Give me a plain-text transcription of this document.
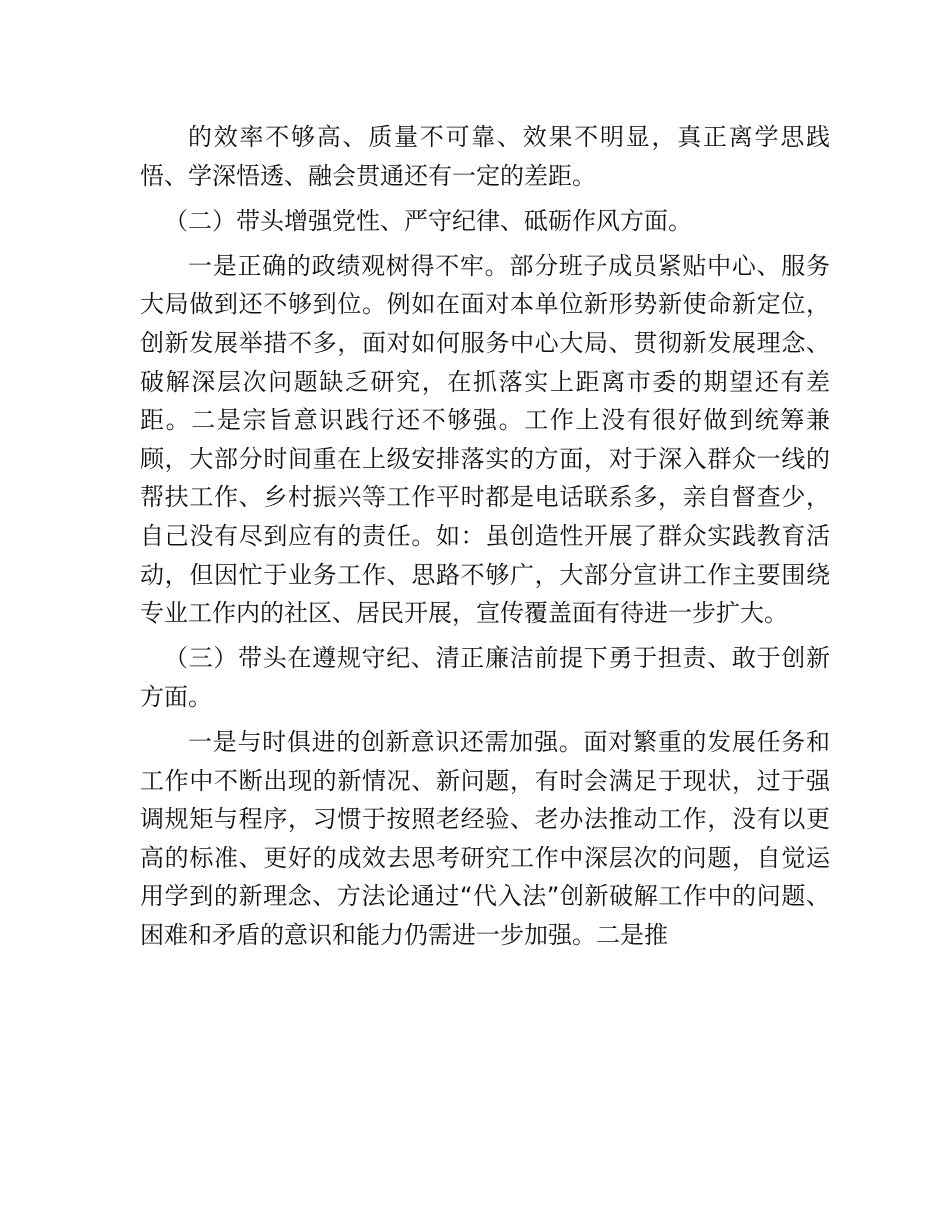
的效率不够高、质量不可靠、效果不明显，真正离学思践悟、学深悟透、融会贯通还有一定的差距。

（二）带头增强党性、严守纪律、砥砺作风方面。

一是正确的政绩观树得不牢。部分班子成员紧贴中心、服务大局做到还不够到位。例如在面对本单位新形势新使命新定位，创新发展举措不多，面对如何服务中心大局、贯彻新发展理念、破解深层次问题缺乏研究，在抓落实上距离市委的期望还有差距。二是宗旨意识践行还不够强。工作上没有很好做到统筹兼顾，大部分时间重在上级安排落实的方面，对于深入群众一线的帮扶工作、乡村振兴等工作平时都是电话联系多，亲自督查少，自己没有尽到应有的责任。如：虽创造性开展了群众实践教育活动，但因忙于业务工作、思路不够广，大部分宣讲工作主要围绕专业工作内的社区、居民开展，宣传覆盖面有待进一步扩大。

（三）带头在遵规守纪、清正廉洁前提下勇于担责、敢于创新方面。

一是与时俱进的创新意识还需加强。面对繁重的发展任务和工作中不断出现的新情况、新问题，有时会满足于现状，过于强调规矩与程序，习惯于按照老经验、老办法推动工作，没有以更高的标准、更好的成效去思考研究工作中深层次的问题，自觉运用学到的新理念、方法论通过“代入法”创新破解工作中的问题、困难和矛盾的意识和能力仍需进一步加强。二是推
